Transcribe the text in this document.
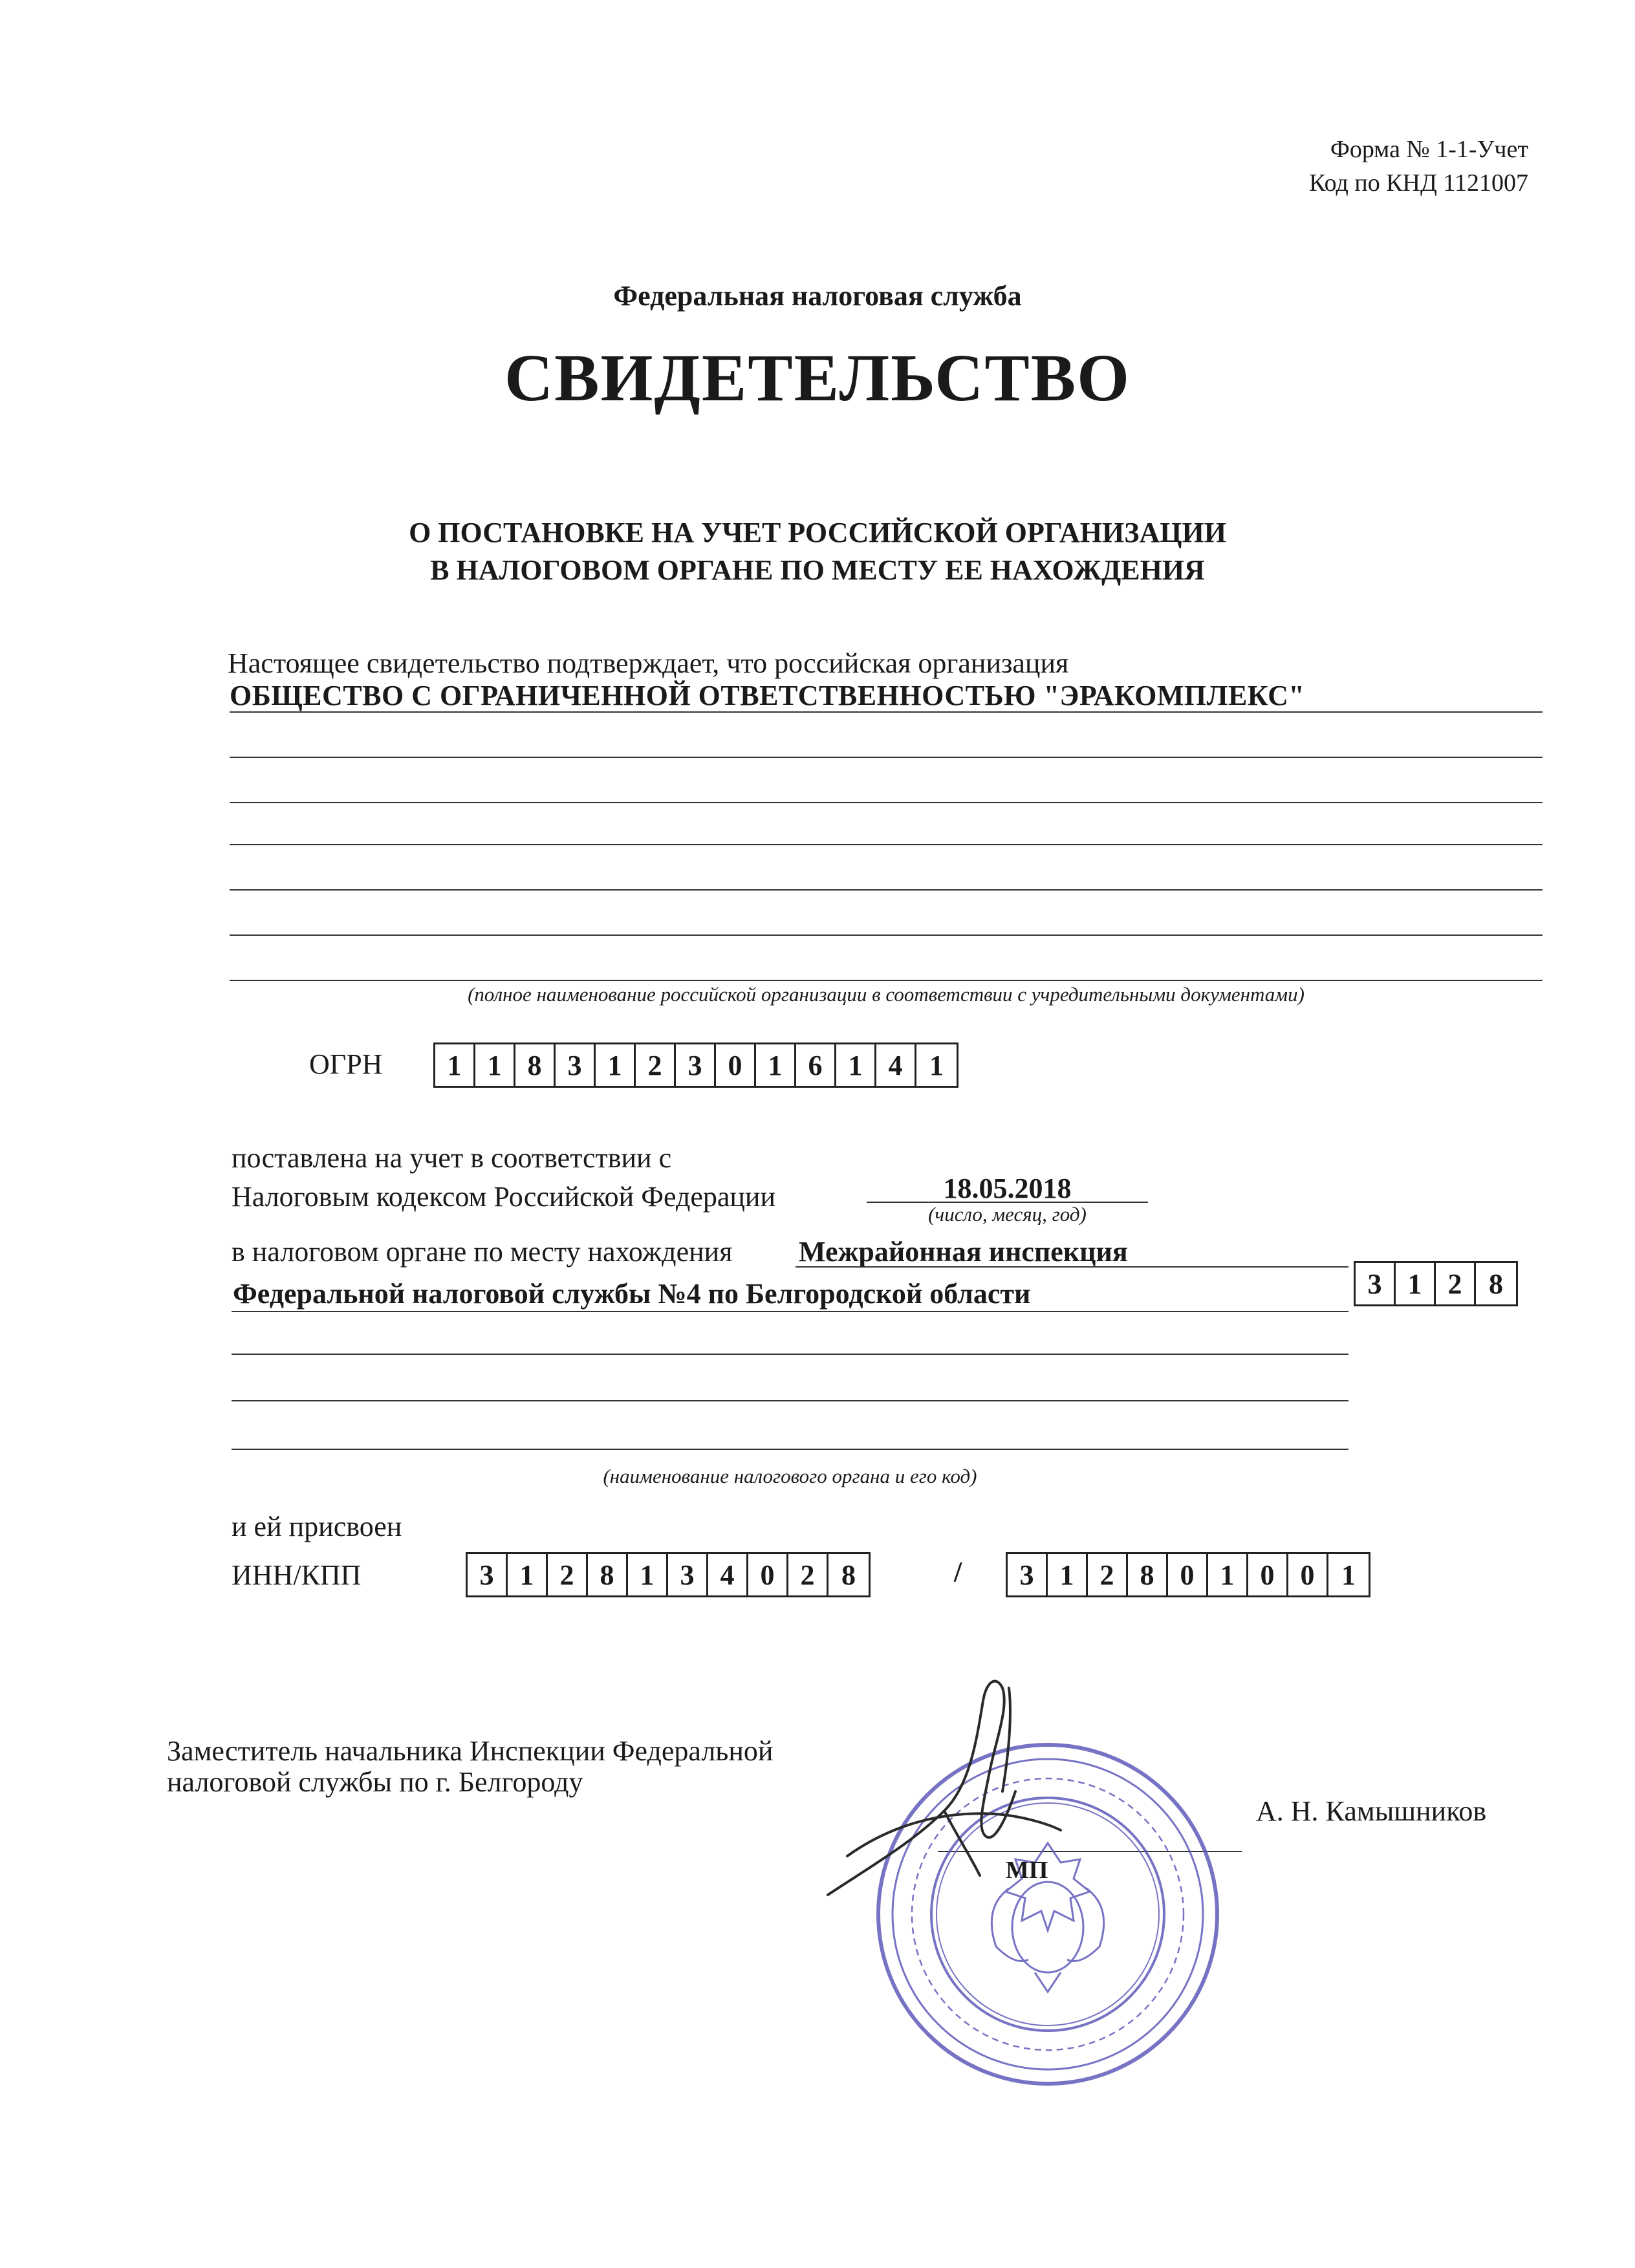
Форма № 1-1-Учет
Код по КНД 1121007
Федеральная налоговая служба
СВИДЕТЕЛЬСТВО
О ПОСТАНОВКЕ НА УЧЕТ РОССИЙСКОЙ ОРГАНИЗАЦИИ
В НАЛОГОВОМ ОРГАНЕ ПО МЕСТУ ЕЕ НАХОЖДЕНИЯ
Настоящее свидетельство подтверждает, что российская организация
ОБЩЕСТВО С ОГРАНИЧЕННОЙ ОТВЕТСТВЕННОСТЬЮ "ЭРАКОМПЛЕКС"
(полное наименование российской организации в соответствии с учредительными документами)
ОГРН	1 1 8 3 1 2 3 0 1 6 1 4 1
поставлена на учет в соответствии с
Налоговым кодексом Российской Федерации	18.05.2018
(число, месяц, год)
в налоговом органе по месту нахождения Межрайонная инспекция
Федеральной налоговой службы №4 по Белгородской области	3 1 2 8
(наименование налогового органа и его код)
и ей присвоен
ИНН/КПП	3 1 2 8 1 3 4 0 2 8	/	3 1 2 8 0 1 0 0 1
Заместитель начальника Инспекции Федеральной
налоговой службы по г. Белгороду
А. Н. Камышников
МП
